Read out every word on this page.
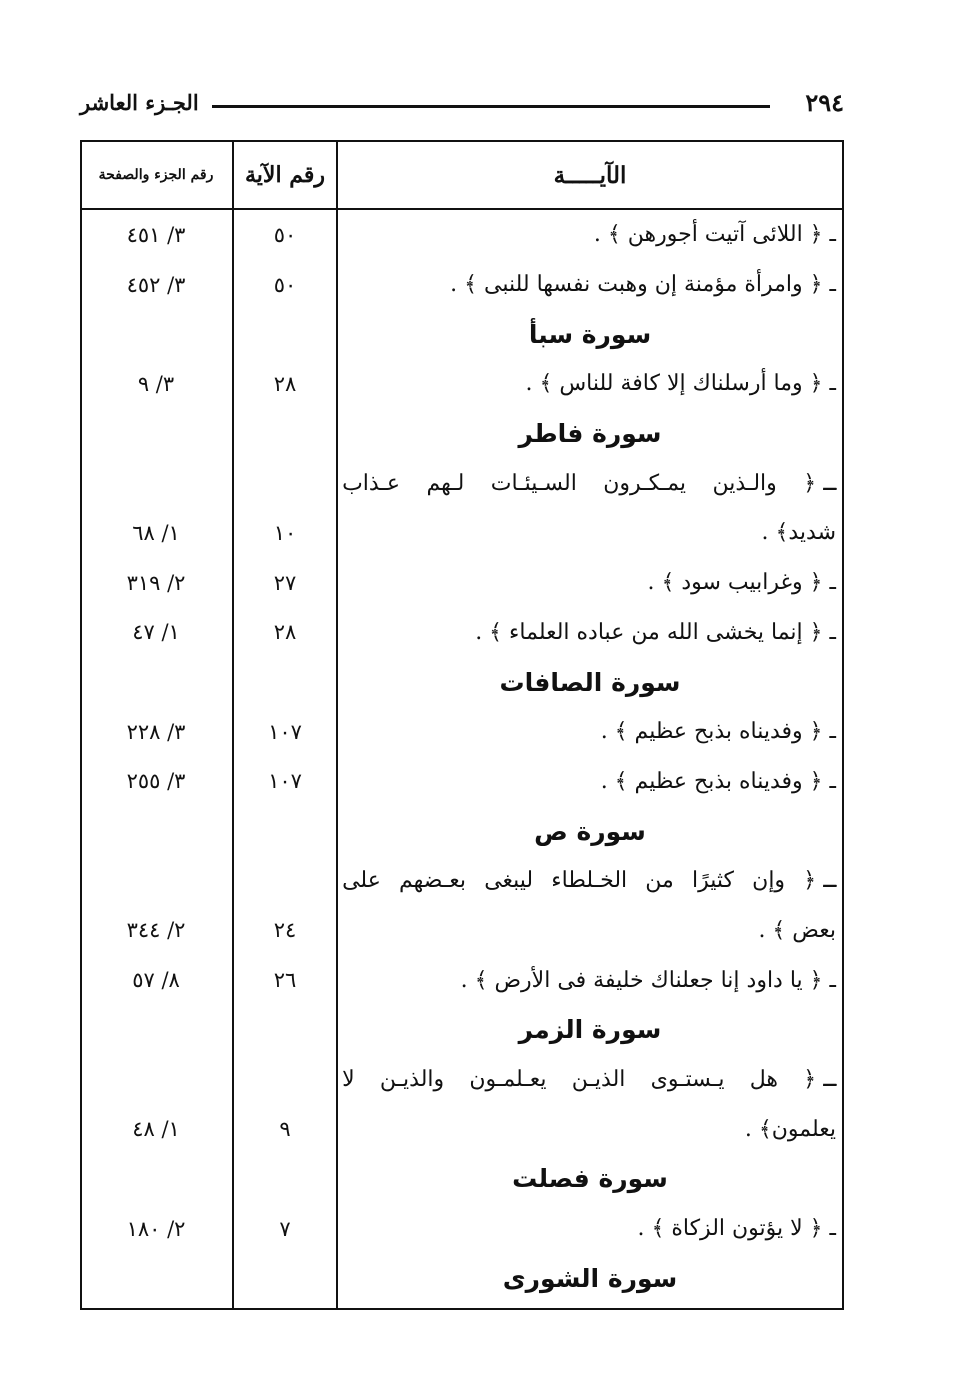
٢٩٤
الجـزء العاشر
الآيـــــة
رقم الآية
رقم الجزء والصفحة
ـ ﴿ اللائى آتيت أجورهن ﴾ .
٥٠
٣/ ٤٥١
ـ ﴿ وامرأة مؤمنة إن وهبت نفسها للنبى ﴾ .
٥٠
٣/ ٤٥٢
سورة سبأ
ـ ﴿ وما أرسلناك إلا كافة للناس ﴾ .
٢٨
٣/ ٩
سورة فاطر
ـ ﴿
والـذين
يمـكـرون
السـيئـات
لـهم
عـذاب
شديد﴾ .
١٠
١/ ٦٨
ـ ﴿ وغرابيب سود ﴾ .
٢٧
٢/ ٣١٩
ـ ﴿ إنما يخشى الله من عباده العلماء ﴾ .
٢٨
١/ ٤٧
سورة الصافات
ـ ﴿ وفديناه بذبح عظيم ﴾ .
١٠٧
٣/ ٢٢٨
ـ ﴿ وفديناه بذبح عظيم ﴾ .
١٠٧
٣/ ٢٥٥
سورة ص
ـ ﴿
وإن
كثيرًا
من
الخـلطاء
ليبغى
بعـضهم
على
بعض ﴾ .
٢٤
٢/ ٣٤٤
ـ ﴿ يا داود إنا جعلناك خليفة فى الأرض ﴾ .
٢٦
٨/ ٥٧
سورة الزمر
ـ ﴿
هل
يـستـوى
الذيـن
يعـلمـون
والذيـن
لا
يعلمون﴾ .
٩
١/ ٤٨
سورة فصلت
ـ ﴿ لا يؤتون الزكاة ﴾ .
٧
٢/ ١٨٠
سورة الشورى
